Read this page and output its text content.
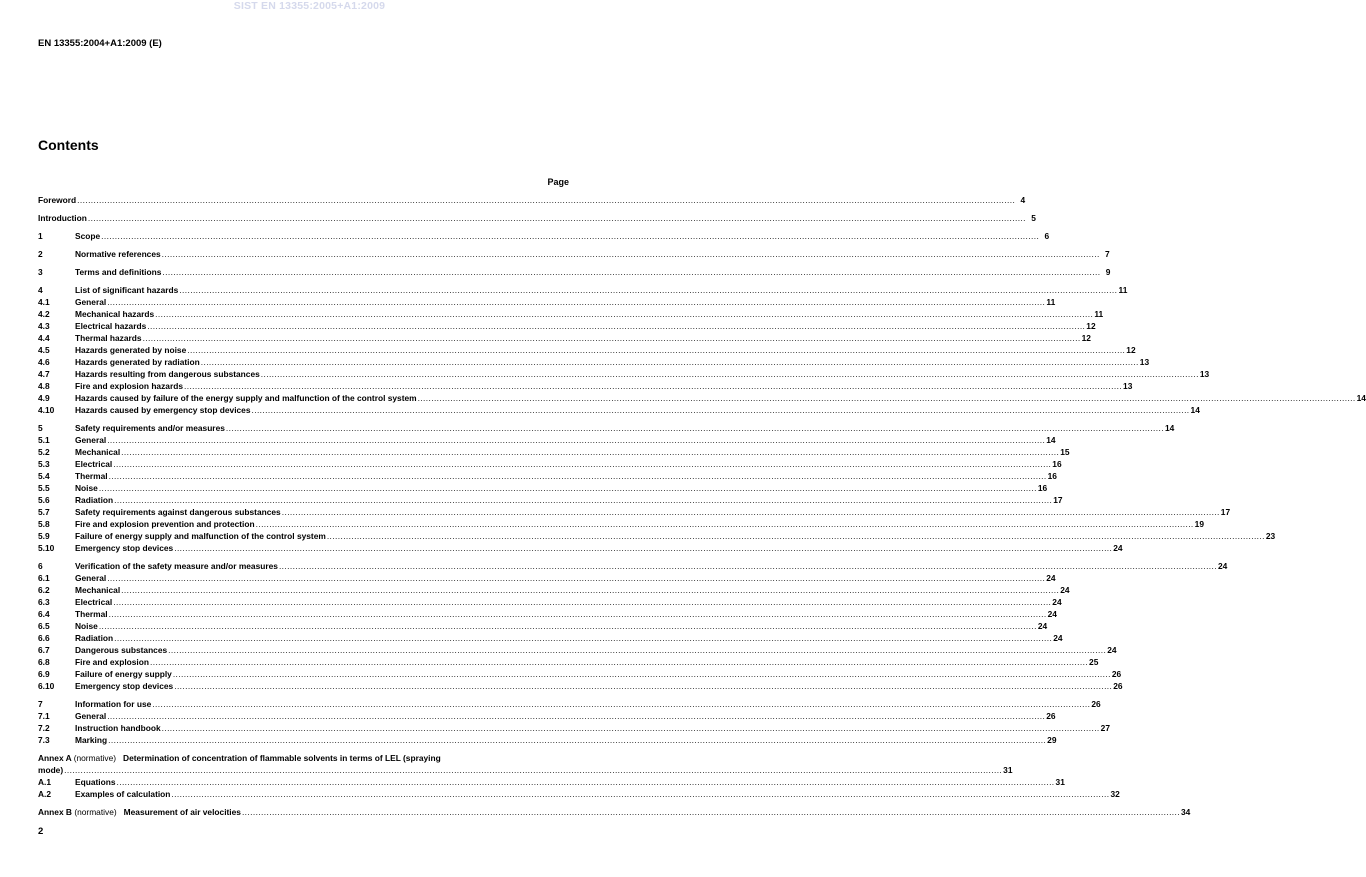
SIST EN 13355:2005+A1:2009
EN 13355:2004+A1:2009 (E)
Contents
Page
Foreword .....	4
Introduction .....	5
1	Scope .....	6
2	Normative references .....	7
3	Terms and definitions .....	9
4	List of significant hazards .....	11
4.1	General .....	11
4.2	Mechanical hazards .....	11
4.3	Electrical hazards .....	12
4.4	Thermal hazards .....	12
4.5	Hazards generated by noise .....	12
4.6	Hazards generated by radiation .....	13
4.7	Hazards resulting from dangerous substances .....	13
4.8	Fire and explosion hazards .....	13
4.9	Hazards caused by failure of the energy supply and malfunction of the control system .....	14
4.10	Hazards caused by emergency stop devices .....	14
5	Safety requirements and/or measures .....	14
5.1	General .....	14
5.2	Mechanical .....	15
5.3	Electrical .....	16
5.4	Thermal .....	16
5.5	Noise .....	16
5.6	Radiation .....	17
5.7	Safety requirements against dangerous substances .....	17
5.8	Fire and explosion prevention and protection .....	19
5.9	Failure of energy supply and malfunction of the control system .....	23
5.10	Emergency stop devices .....	24
6	Verification of the safety measure and/or measures .....	24
6.1	General .....	24
6.2	Mechanical .....	24
6.3	Electrical .....	24
6.4	Thermal .....	24
6.5	Noise .....	24
6.6	Radiation .....	24
6.7	Dangerous substances .....	24
6.8	Fire and explosion .....	25
6.9	Failure of energy supply .....	26
6.10	Emergency stop devices .....	26
7	Information for use .....	26
7.1	General .....	26
7.2	Instruction handbook .....	27
7.3	Marking .....	29
Annex A (normative) Determination of concentration of flammable solvents in terms of LEL (spraying
mode) .....	31
A.1	Equations .....	31
A.2	Examples of calculation .....	32
Annex B (normative) Measurement of air velocities .....	34
2
